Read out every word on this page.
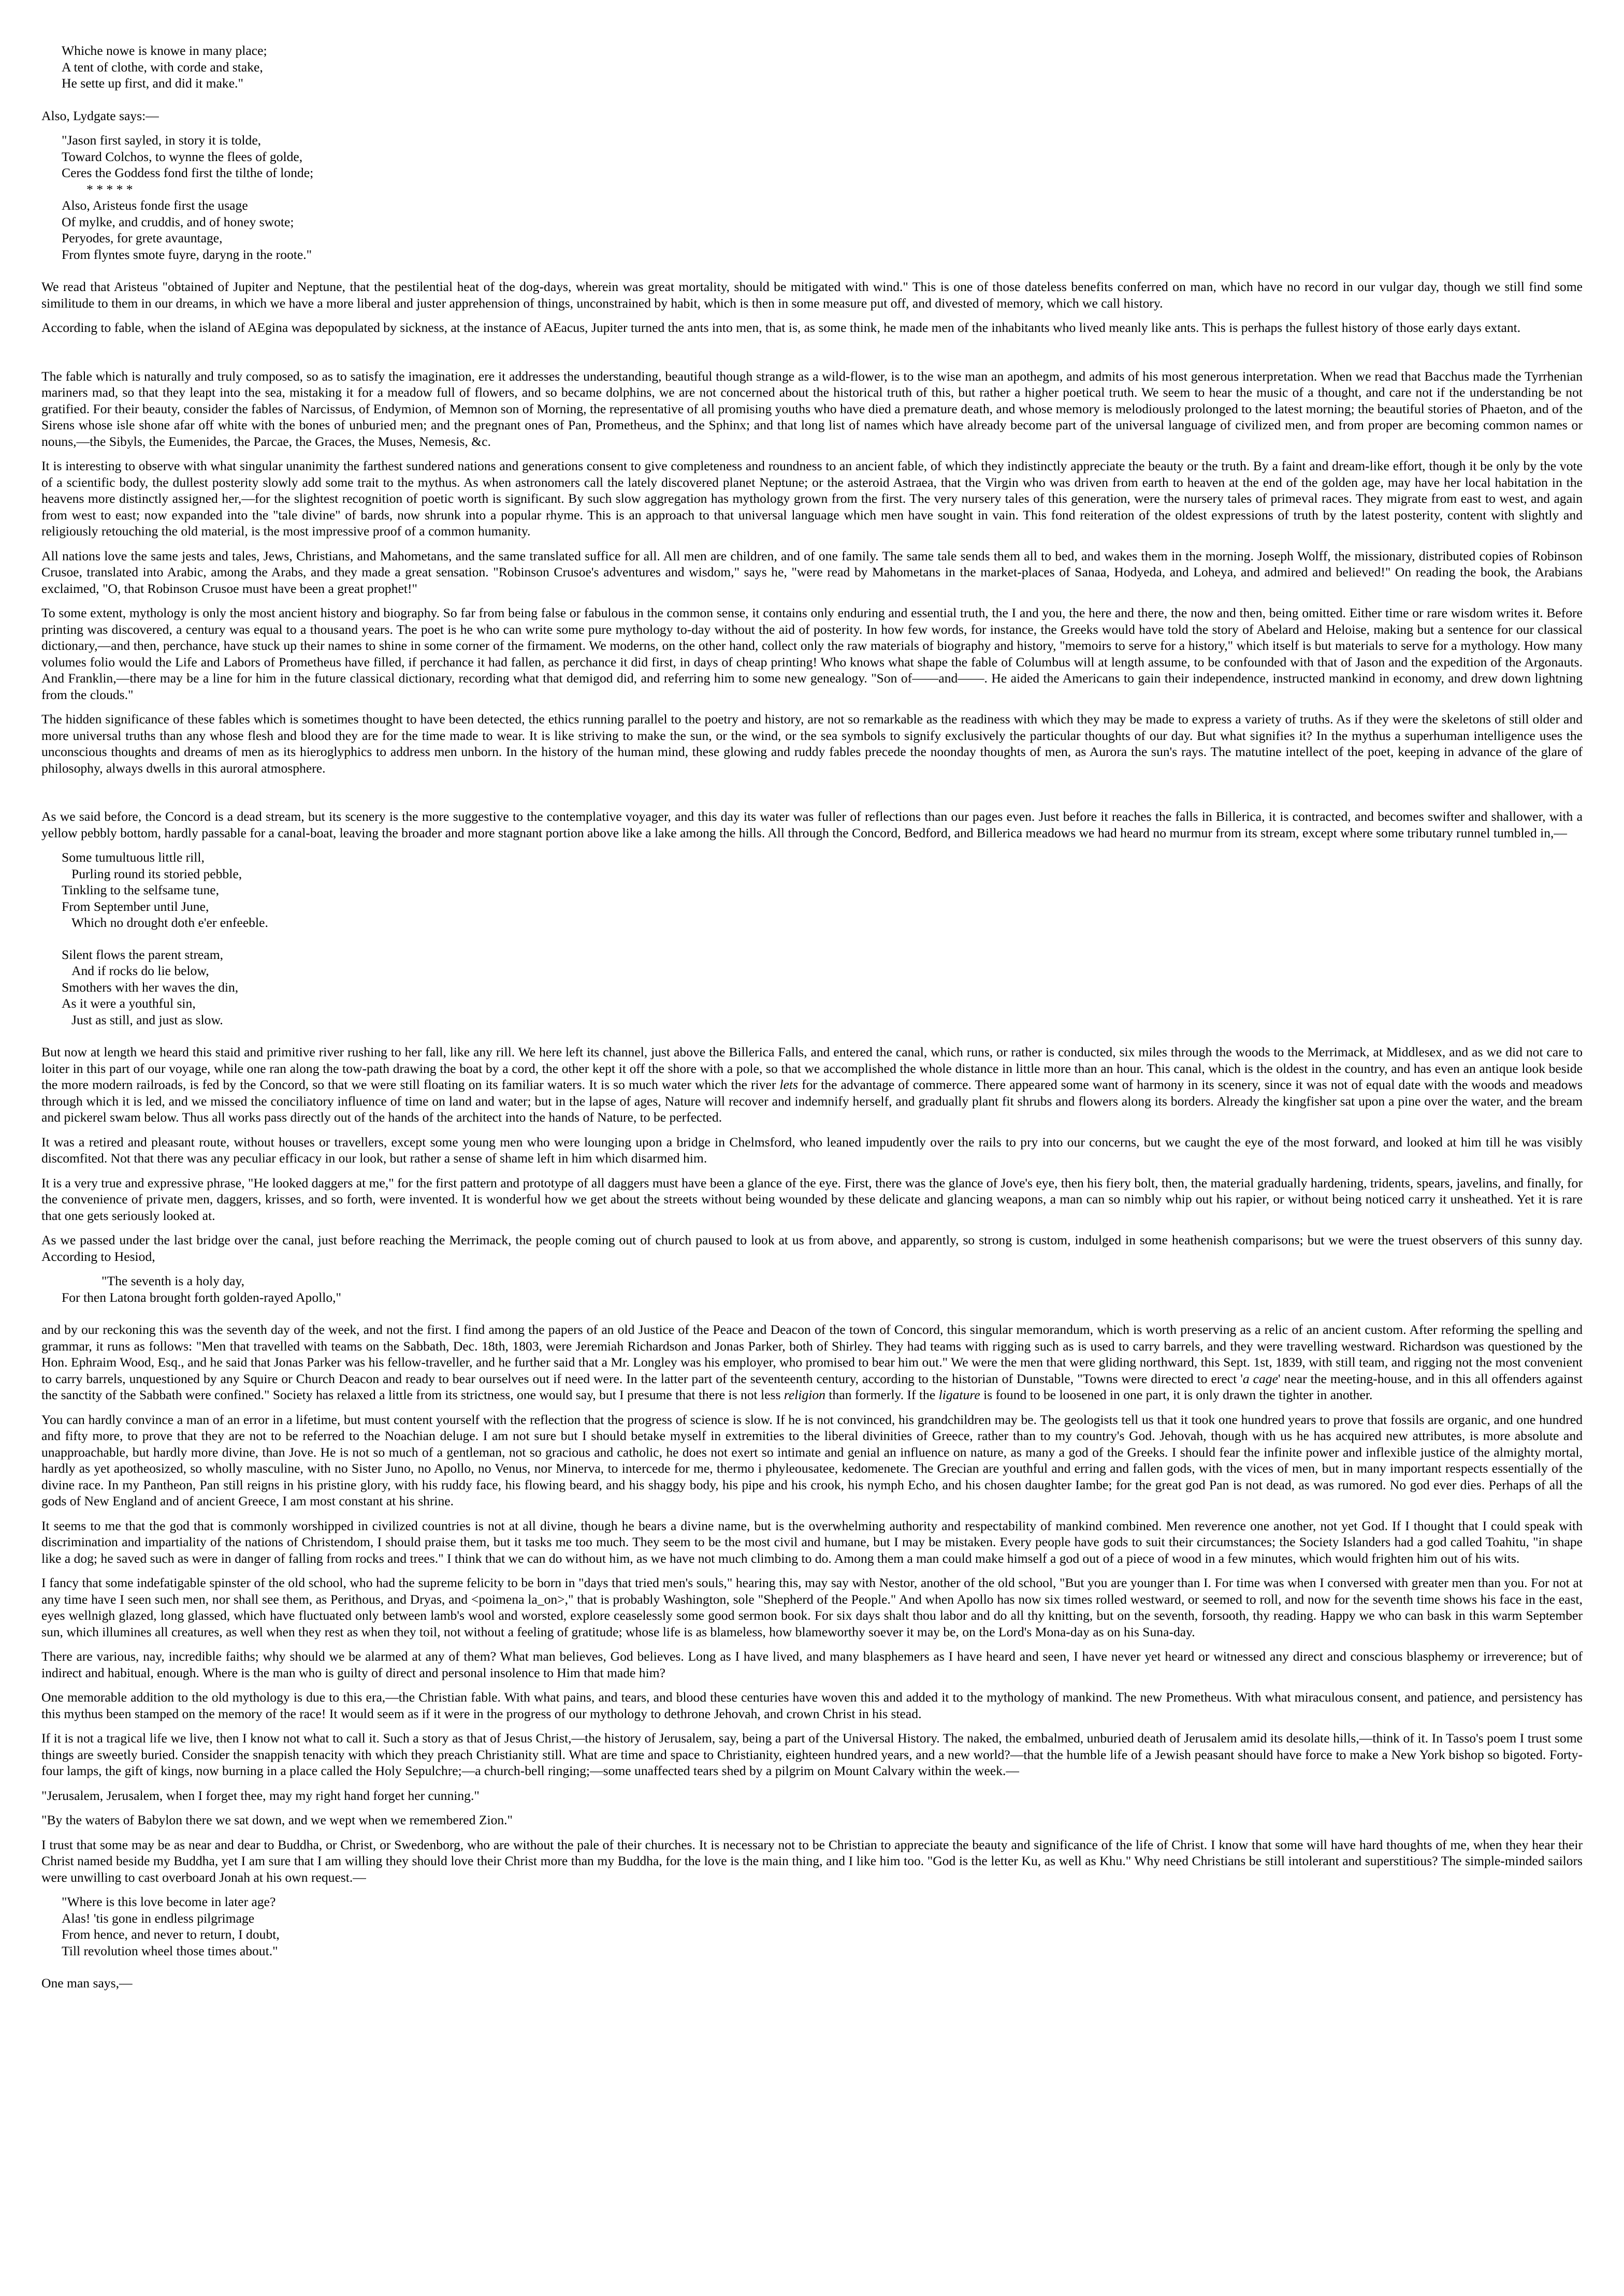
Whiche nowe is knowe in many place;
A tent of clothe, with corde and stake,
He sette up first, and did it make."

Also, Lydgate says:—

"Jason first sayled, in story it is tolde,
Toward Colchos, to wynne the flees of golde,
Ceres the Goddess fond first the tilthe of londe;
* * * * *
Also, Aristeus fonde first the usage
Of mylke, and cruddis, and of honey swote;
Peryodes, for grete avauntage,
From flyntes smote fuyre, daryng in the roote."

We read that Aristeus "obtained of Jupiter and Neptune, that the pestilential heat of the dog-days, wherein was great mortality, should be mitigated with wind." This is one of those dateless benefits conferred on man, which have no record in our vulgar day, though we still find some similitude to them in our dreams, in which we have a more liberal and juster apprehension of things, unconstrained by habit, which is then in some measure put off, and divested of memory, which we call history.

According to fable, when the island of AEgina was depopulated by sickness, at the instance of AEacus, Jupiter turned the ants into men, that is, as some think, he made men of the inhabitants who lived meanly like ants. This is perhaps the fullest history of those early days extant.

The fable which is naturally and truly composed, so as to satisfy the imagination, ere it addresses the understanding, beautiful though strange as a wild-flower, is to the wise man an apothegm, and admits of his most generous interpretation. When we read that Bacchus made the Tyrrhenian mariners mad, so that they leapt into the sea, mistaking it for a meadow full of flowers, and so became dolphins, we are not concerned about the historical truth of this, but rather a higher poetical truth. We seem to hear the music of a thought, and care not if the understanding be not gratified. For their beauty, consider the fables of Narcissus, of Endymion, of Memnon son of Morning, the representative of all promising youths who have died a premature death, and whose memory is melodiously prolonged to the latest morning; the beautiful stories of Phaeton, and of the Sirens whose isle shone afar off white with the bones of unburied men; and the pregnant ones of Pan, Prometheus, and the Sphinx; and that long list of names which have already become part of the universal language of civilized men, and from proper are becoming common names or nouns,—the Sibyls, the Eumenides, the Parcae, the Graces, the Muses, Nemesis, &c.

It is interesting to observe with what singular unanimity the farthest sundered nations and generations consent to give completeness and roundness to an ancient fable, of which they indistinctly appreciate the beauty or the truth. By a faint and dream-like effort, though it be only by the vote of a scientific body, the dullest posterity slowly add some trait to the mythus. As when astronomers call the lately discovered planet Neptune; or the asteroid Astraea, that the Virgin who was driven from earth to heaven at the end of the golden age, may have her local habitation in the heavens more distinctly assigned her,—for the slightest recognition of poetic worth is significant. By such slow aggregation has mythology grown from the first. The very nursery tales of this generation, were the nursery tales of primeval races. They migrate from east to west, and again from west to east; now expanded into the "tale divine" of bards, now shrunk into a popular rhyme. This is an approach to that universal language which men have sought in vain. This fond reiteration of the oldest expressions of truth by the latest posterity, content with slightly and religiously retouching the old material, is the most impressive proof of a common humanity.

All nations love the same jests and tales, Jews, Christians, and Mahometans, and the same translated suffice for all. All men are children, and of one family. The same tale sends them all to bed, and wakes them in the morning. Joseph Wolff, the missionary, distributed copies of Robinson Crusoe, translated into Arabic, among the Arabs, and they made a great sensation. "Robinson Crusoe's adventures and wisdom," says he, "were read by Mahometans in the market-places of Sanaa, Hodyeda, and Loheya, and admired and believed!" On reading the book, the Arabians exclaimed, "O, that Robinson Crusoe must have been a great prophet!"

To some extent, mythology is only the most ancient history and biography. So far from being false or fabulous in the common sense, it contains only enduring and essential truth, the I and you, the here and there, the now and then, being omitted. Either time or rare wisdom writes it. Before printing was discovered, a century was equal to a thousand years. The poet is he who can write some pure mythology to-day without the aid of posterity. In how few words, for instance, the Greeks would have told the story of Abelard and Heloise, making but a sentence for our classical dictionary,—and then, perchance, have stuck up their names to shine in some corner of the firmament. We moderns, on the other hand, collect only the raw materials of biography and history, "memoirs to serve for a history," which itself is but materials to serve for a mythology. How many volumes folio would the Life and Labors of Prometheus have filled, if perchance it had fallen, as perchance it did first, in days of cheap printing! Who knows what shape the fable of Columbus will at length assume, to be confounded with that of Jason and the expedition of the Argonauts. And Franklin,—there may be a line for him in the future classical dictionary, recording what that demigod did, and referring him to some new genealogy. "Son of——and——. He aided the Americans to gain their independence, instructed mankind in economy, and drew down lightning from the clouds."

The hidden significance of these fables which is sometimes thought to have been detected, the ethics running parallel to the poetry and history, are not so remarkable as the readiness with which they may be made to express a variety of truths. As if they were the skeletons of still older and more universal truths than any whose flesh and blood they are for the time made to wear. It is like striving to make the sun, or the wind, or the sea symbols to signify exclusively the particular thoughts of our day. But what signifies it? In the mythus a superhuman intelligence uses the unconscious thoughts and dreams of men as its hieroglyphics to address men unborn. In the history of the human mind, these glowing and ruddy fables precede the noonday thoughts of men, as Aurora the sun's rays. The matutine intellect of the poet, keeping in advance of the glare of philosophy, always dwells in this auroral atmosphere.

As we said before, the Concord is a dead stream, but its scenery is the more suggestive to the contemplative voyager, and this day its water was fuller of reflections than our pages even. Just before it reaches the falls in Billerica, it is contracted, and becomes swifter and shallower, with a yellow pebbly bottom, hardly passable for a canal-boat, leaving the broader and more stagnant portion above like a lake among the hills. All through the Concord, Bedford, and Billerica meadows we had heard no murmur from its stream, except where some tributary runnel tumbled in,—

Some tumultuous little rill,
Purling round its storied pebble,
Tinkling to the selfsame tune,
From September until June,
Which no drought doth e'er enfeeble.
Silent flows the parent stream,
And if rocks do lie below,
Smothers with her waves the din,
As it were a youthful sin,
Just as still, and just as slow.

But now at length we heard this staid and primitive river rushing to her fall, like any rill. We here left its channel, just above the Billerica Falls, and entered the canal, which runs, or rather is conducted, six miles through the woods to the Merrimack, at Middlesex, and as we did not care to loiter in this part of our voyage, while one ran along the tow-path drawing the boat by a cord, the other kept it off the shore with a pole, so that we accomplished the whole distance in little more than an hour. This canal, which is the oldest in the country, and has even an antique look beside the more modern railroads, is fed by the Concord, so that we were still floating on its familiar waters. It is so much water which the river lets for the advantage of commerce. There appeared some want of harmony in its scenery, since it was not of equal date with the woods and meadows through which it is led, and we missed the conciliatory influence of time on land and water; but in the lapse of ages, Nature will recover and indemnify herself, and gradually plant fit shrubs and flowers along its borders. Already the kingfisher sat upon a pine over the water, and the bream and pickerel swam below. Thus all works pass directly out of the hands of the architect into the hands of Nature, to be perfected.

It was a retired and pleasant route, without houses or travellers, except some young men who were lounging upon a bridge in Chelmsford, who leaned impudently over the rails to pry into our concerns, but we caught the eye of the most forward, and looked at him till he was visibly discomfited. Not that there was any peculiar efficacy in our look, but rather a sense of shame left in him which disarmed him.

It is a very true and expressive phrase, "He looked daggers at me," for the first pattern and prototype of all daggers must have been a glance of the eye. First, there was the glance of Jove's eye, then his fiery bolt, then, the material gradually hardening, tridents, spears, javelins, and finally, for the convenience of private men, daggers, krisses, and so forth, were invented. It is wonderful how we get about the streets without being wounded by these delicate and glancing weapons, a man can so nimbly whip out his rapier, or without being noticed carry it unsheathed. Yet it is rare that one gets seriously looked at.

As we passed under the last bridge over the canal, just before reaching the Merrimack, the people coming out of church paused to look at us from above, and apparently, so strong is custom, indulged in some heathenish comparisons; but we were the truest observers of this sunny day. According to Hesiod,

"The seventh is a holy day,
For then Latona brought forth golden-rayed Apollo,"

and by our reckoning this was the seventh day of the week, and not the first. I find among the papers of an old Justice of the Peace and Deacon of the town of Concord, this singular memorandum, which is worth preserving as a relic of an ancient custom. After reforming the spelling and grammar, it runs as follows: "Men that travelled with teams on the Sabbath, Dec. 18th, 1803, were Jeremiah Richardson and Jonas Parker, both of Shirley. They had teams with rigging such as is used to carry barrels, and they were travelling westward. Richardson was questioned by the Hon. Ephraim Wood, Esq., and he said that Jonas Parker was his fellow-traveller, and he further said that a Mr. Longley was his employer, who promised to bear him out." We were the men that were gliding northward, this Sept. 1st, 1839, with still team, and rigging not the most convenient to carry barrels, unquestioned by any Squire or Church Deacon and ready to bear ourselves out if need were. In the latter part of the seventeenth century, according to the historian of Dunstable, "Towns were directed to erect 'a cage' near the meeting-house, and in this all offenders against the sanctity of the Sabbath were confined." Society has relaxed a little from its strictness, one would say, but I presume that there is not less religion than formerly. If the ligature is found to be loosened in one part, it is only drawn the tighter in another.

You can hardly convince a man of an error in a lifetime, but must content yourself with the reflection that the progress of science is slow. If he is not convinced, his grandchildren may be. The geologists tell us that it took one hundred years to prove that fossils are organic, and one hundred and fifty more, to prove that they are not to be referred to the Noachian deluge. I am not sure but I should betake myself in extremities to the liberal divinities of Greece, rather than to my country's God. Jehovah, though with us he has acquired new attributes, is more absolute and unapproachable, but hardly more divine, than Jove. He is not so much of a gentleman, not so gracious and catholic, he does not exert so intimate and genial an influence on nature, as many a god of the Greeks. I should fear the infinite power and inflexible justice of the almighty mortal, hardly as yet apotheosized, so wholly masculine, with no Sister Juno, no Apollo, no Venus, nor Minerva, to intercede for me, thermo i phyleousatee, kedomenete. The Grecian are youthful and erring and fallen gods, with the vices of men, but in many important respects essentially of the divine race. In my Pantheon, Pan still reigns in his pristine glory, with his ruddy face, his flowing beard, and his shaggy body, his pipe and his crook, his nymph Echo, and his chosen daughter Iambe; for the great god Pan is not dead, as was rumored. No god ever dies. Perhaps of all the gods of New England and of ancient Greece, I am most constant at his shrine.

It seems to me that the god that is commonly worshipped in civilized countries is not at all divine, though he bears a divine name, but is the overwhelming authority and respectability of mankind combined. Men reverence one another, not yet God. If I thought that I could speak with discrimination and impartiality of the nations of Christendom, I should praise them, but it tasks me too much. They seem to be the most civil and humane, but I may be mistaken. Every people have gods to suit their circumstances; the Society Islanders had a god called Toahitu, "in shape like a dog; he saved such as were in danger of falling from rocks and trees." I think that we can do without him, as we have not much climbing to do. Among them a man could make himself a god out of a piece of wood in a few minutes, which would frighten him out of his wits.

I fancy that some indefatigable spinster of the old school, who had the supreme felicity to be born in "days that tried men's souls," hearing this, may say with Nestor, another of the old school, "But you are younger than I. For time was when I conversed with greater men than you. For not at any time have I seen such men, nor shall see them, as Perithous, and Dryas, and <poimena la_on>," that is probably Washington, sole "Shepherd of the People." And when Apollo has now six times rolled westward, or seemed to roll, and now for the seventh time shows his face in the east, eyes wellnigh glazed, long glassed, which have fluctuated only between lamb's wool and worsted, explore ceaselessly some good sermon book. For six days shalt thou labor and do all thy knitting, but on the seventh, forsooth, thy reading. Happy we who can bask in this warm September sun, which illumines all creatures, as well when they rest as when they toil, not without a feeling of gratitude; whose life is as blameless, how blameworthy soever it may be, on the Lord's Mona-day as on his Suna-day.

There are various, nay, incredible faiths; why should we be alarmed at any of them? What man believes, God believes. Long as I have lived, and many blasphemers as I have heard and seen, I have never yet heard or witnessed any direct and conscious blasphemy or irreverence; but of indirect and habitual, enough. Where is the man who is guilty of direct and personal insolence to Him that made him?

One memorable addition to the old mythology is due to this era,—the Christian fable. With what pains, and tears, and blood these centuries have woven this and added it to the mythology of mankind. The new Prometheus. With what miraculous consent, and patience, and persistency has this mythus been stamped on the memory of the race! It would seem as if it were in the progress of our mythology to dethrone Jehovah, and crown Christ in his stead.

If it is not a tragical life we live, then I know not what to call it. Such a story as that of Jesus Christ,—the history of Jerusalem, say, being a part of the Universal History. The naked, the embalmed, unburied death of Jerusalem amid its desolate hills,—think of it. In Tasso's poem I trust some things are sweetly buried. Consider the snappish tenacity with which they preach Christianity still. What are time and space to Christianity, eighteen hundred years, and a new world?—that the humble life of a Jewish peasant should have force to make a New York bishop so bigoted. Forty-four lamps, the gift of kings, now burning in a place called the Holy Sepulchre;—a church-bell ringing;—some unaffected tears shed by a pilgrim on Mount Calvary within the week.—

"Jerusalem, Jerusalem, when I forget thee, may my right hand forget her cunning."

"By the waters of Babylon there we sat down, and we wept when we remembered Zion."

I trust that some may be as near and dear to Buddha, or Christ, or Swedenborg, who are without the pale of their churches. It is necessary not to be Christian to appreciate the beauty and significance of the life of Christ. I know that some will have hard thoughts of me, when they hear their Christ named beside my Buddha, yet I am sure that I am willing they should love their Christ more than my Buddha, for the love is the main thing, and I like him too. "God is the letter Ku, as well as Khu." Why need Christians be still intolerant and superstitious? The simple-minded sailors were unwilling to cast overboard Jonah at his own request.—

"Where is this love become in later age?
Alas! 'tis gone in endless pilgrimage
From hence, and never to return, I doubt,
Till revolution wheel those times about."

One man says,—
